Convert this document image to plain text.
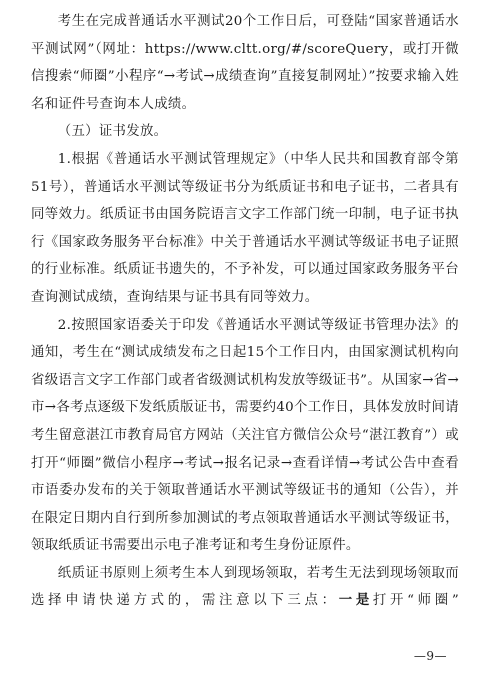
考生在完成普通话水平测试20个工作日后，可登陆“国家普通话水平测试网”（网址：https://www.cltt.org/#/scoreQuery，或打开微信搜索“师圈”小程序“→考试→成绩查询”直接复制网址）”按要求输入姓名和证件号查询本人成绩。

（五）证书发放。

1.根据《普通话水平测试管理规定》（中华人民共和国教育部令第51号），普通话水平测试等级证书分为纸质证书和电子证书，二者具有同等效力。纸质证书由国务院语言文字工作部门统一印制，电子证书执行《国家政务服务平台标准》中关于普通话水平测试等级证书电子证照的行业标准。纸质证书遗失的，不予补发，可以通过国家政务服务平台查询测试成绩，查询结果与证书具有同等效力。

2.按照国家语委关于印发《普通话水平测试等级证书管理办法》的通知，考生在“测试成绩发布之日起15个工作日内，由国家测试机构向省级语言文字工作部门或者省级测试机构发放等级证书”。从国家→省→市→各考点逐级下发纸质版证书，需要约40个工作日，具体发放时间请考生留意湛江市教育局官方网站（关注官方微信公众号“湛江教育”）或打开“师圈”微信小程序→考试→报名记录→查看详情→考试公告中查看市语委办发布的关于领取普通话水平测试等级证书的通知（公告），并在限定日期内自行到所参加测试的考点领取普通话水平测试等级证书，领取纸质证书需要出示电子准考证和考生身份证原件。

纸质证书原则上须考生本人到现场领取，若考生无法到现场领取而选择申请快递方式的，需注意以下三点：一是打开“师圈”

—9—
